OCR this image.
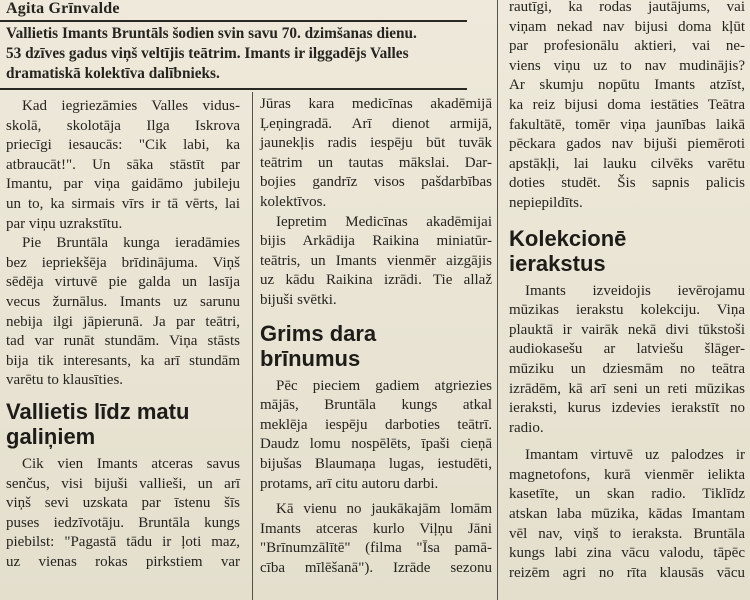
Agita Grīnvalde
Vallietis Imants Bruntāls šodien svin savu 70. dzimšanas dienu.
53 dzīves gadus viņš veltījis teātrim. Imants ir ilggadējs Valles
dramatiskā kolektīva dalībnieks.
Kad iegriezāmies Valles vidus-
skolā, skolotāja Ilga Iskrova
priecīgi iesaucās: "Cik labi, ka
atbraucāt!". Un sāka stāstīt par
Imantu, par viņa gaidāmo jubileju
un to, ka sirmais vīrs ir tā vērts, lai
par viņu uzrakstītu.
Pie Bruntāla kunga ieradāmies
bez iepriekšēja brīdinājuma. Viņš
sēdēja virtuvē pie galda un lasīja
vecus žurnālus. Imants uz sarunu
nebija ilgi jāpierunā. Ja par teātri,
tad var runāt stundām. Viņa stāsts
bija tik interesants, ka arī stundām
varētu to klausīties.
Vallietis līdz matu
galiņiem
Cik vien Imants atceras savus
senčus, visi bijuši vallieši, un arī
viņš sevi uzskata par īstenu šīs
puses iedzīvotāju. Bruntāla kungs
piebilst: "Pagastā tādu ir ļoti maz,
uz vienas rokas pirkstiem var
Jūras kara medicīnas akadēmijā
Ļeņingradā. Arī dienot armijā,
jaunekļis radis iespēju būt tuvāk
teātrim un tautas mākslai. Dar-
bojies gandrīz visos pašdarbības
kolektīvos.
Iepretim Medicīnas akadēmijai
bijis Arkādija Raikina miniatūr-
teātris, un Imants vienmēr aizgājis
uz kādu Raikina izrādi. Tie allaž
bijuši svētki.
Grims dara
brīnumus
Pēc pieciem gadiem atgriezies
mājās, Bruntāla kungs atkal
meklēja iespēju darboties teātrī.
Daudz lomu nospēlēts, īpaši cieņā
bijušas Blaumaņa lugas, iestudēti,
protams, arī citu autoru darbi.
Kā vienu no jaukākajām lomām
Imants atceras kurlo Viļņu Jāni
"Brīnumzālītē" (filma "Īsa pamā-
cība mīlēšanā"). Izrāde sezonu
rautīgi, ka rodas jautājums, vai
viņam nekad nav bijusi doma kļūt
par profesionālu aktieri, vai ne-
viens viņu uz to nav mudinājis?
Ar skumju nopūtu Imants atzīst,
ka reiz bijusi doma iestāties Teātra
fakultātē, tomēr viņa jaunības laikā
pēckara gados nav bijuši piemēroti
apstākļi, lai lauku cilvēks varētu
doties studēt. Šis sapnis palicis
nepiepildīts.
Kolekcionē
ierakstus
Imants izveidojis ievērojamu
mūzikas ierakstu kolekciju. Viņa
plauktā ir vairāk nekā divi tūkstoši
audiokasešu ar latviešu šlāger-
mūziku un dziesmām no teātra
izrādēm, kā arī seni un reti mūzikas
ieraksti, kurus izdevies ierakstīt no
radio.
Imantam virtuvē uz palodzes ir
magnetofons, kurā vienmēr ielikta
kasetīte, un skan radio. Tiklīdz
atskan laba mūzika, kādas Imantam
vēl nav, viņš to ieraksta. Bruntāla
kungs labi zina vācu valodu, tāpēc
reizēm agri no rīta klausās vācu
